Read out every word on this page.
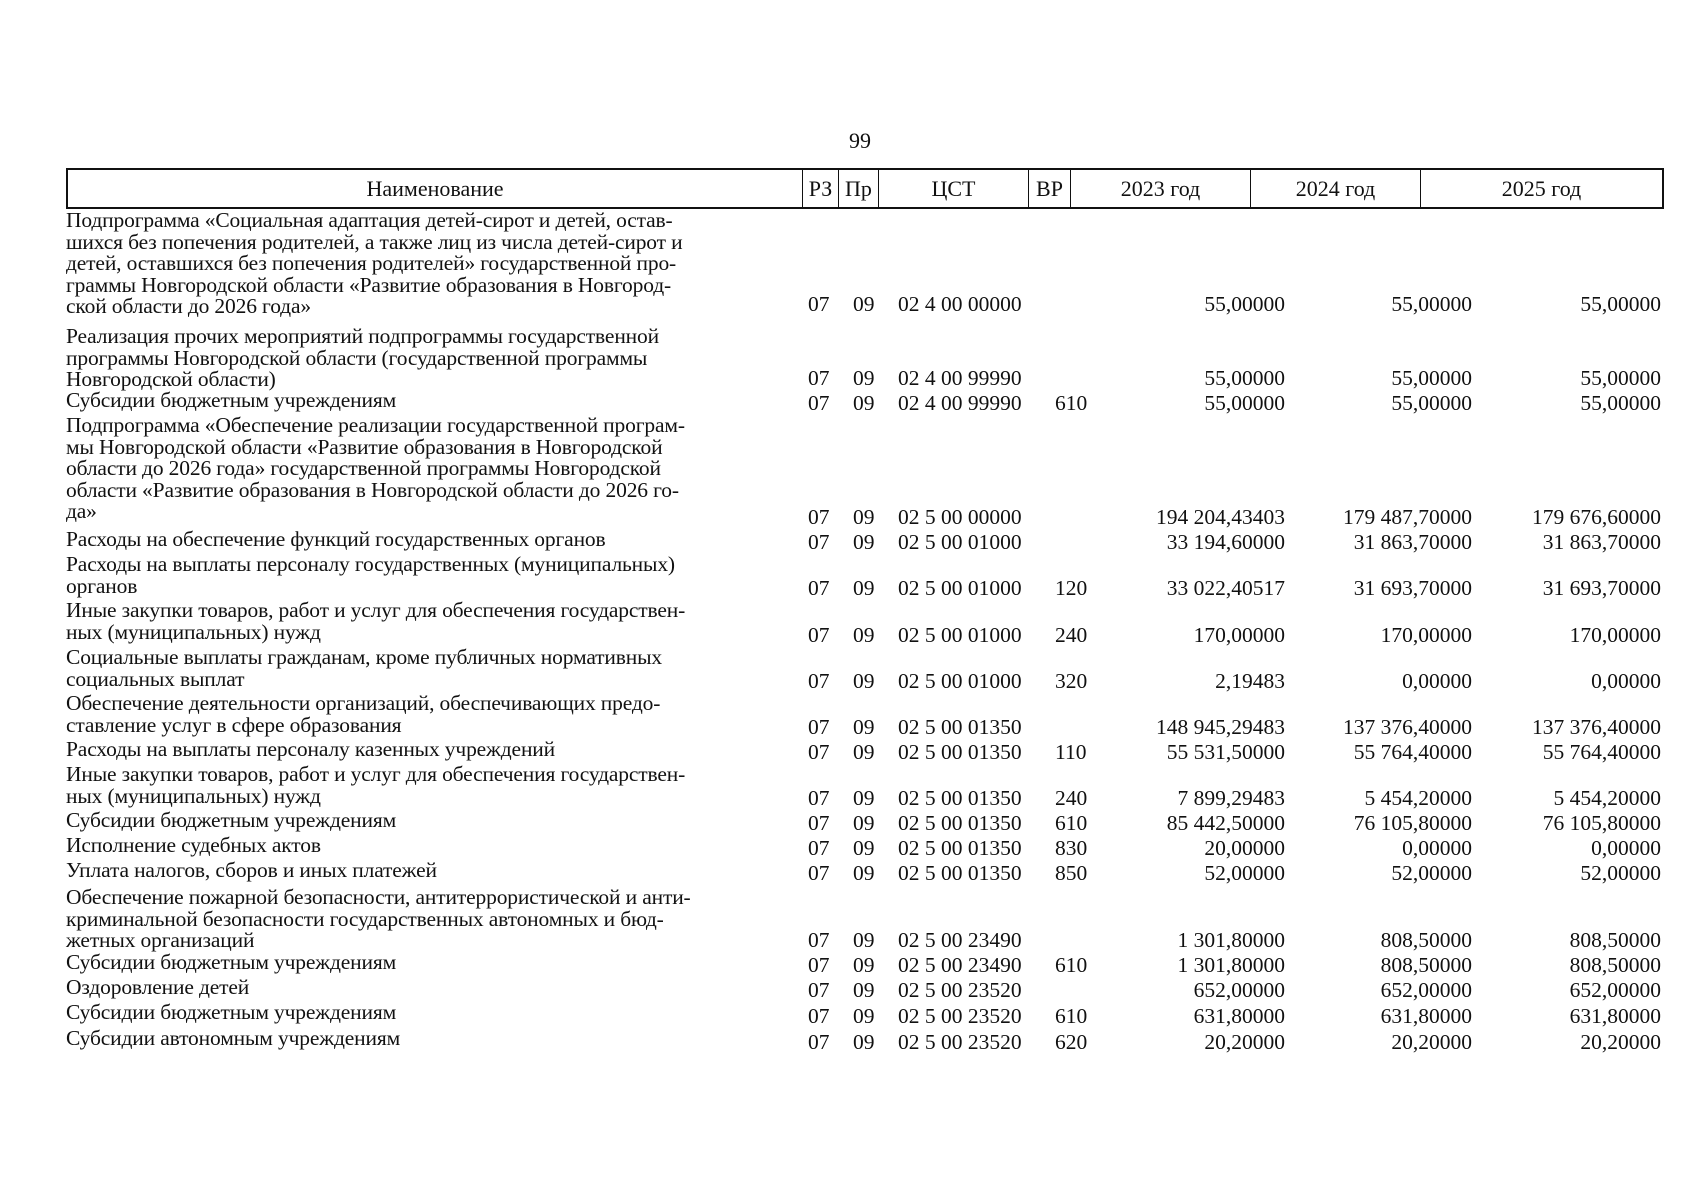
99
Наименование	РЗ Пр	ЦСТ	ВР	2023 год	2024 год	2025 год
Подпрограмма «Социальная адаптация детей-сирот и детей, остав-
шихся без попечения родителей, а также лиц из числа детей-сирот и
детей, оставшихся без попечения родителей» государственной про-
граммы Новгородской области «Развитие образования в Новгород-
ской области до 2026 года»	07 09 02 4 00 00000	55,00000	55,00000	55,00000
Реализация прочих мероприятий подпрограммы государственной
программы Новгородской области (государственной программы
Новгородской области)	07 09 02 4 00 99990	55,00000	55,00000	55,00000
Субсидии бюджетным учреждениям	07 09 02 4 00 99990 610	55,00000	55,00000	55,00000
Подпрограмма «Обеспечение реализации государственной програм-
мы Новгородской области «Развитие образования в Новгородской
области до 2026 года» государственной программы Новгородской
области «Развитие образования в Новгородской области до 2026 го-
да»	07 09 02 5 00 00000	194 204,43403	179 487,70000	179 676,60000
Расходы на обеспечение функций государственных органов	07 09 02 5 00 01000	33 194,60000	31 863,70000	31 863,70000
Расходы на выплаты персоналу государственных (муниципальных)
органов	07 09 02 5 00 01000 120	33 022,40517	31 693,70000	31 693,70000
Иные закупки товаров, работ и услуг для обеспечения государствен-
ных (муниципальных) нужд	07 09 02 5 00 01000 240	170,00000	170,00000	170,00000
Социальные выплаты гражданам, кроме публичных нормативных
социальных выплат	07 09 02 5 00 01000 320	2,19483	0,00000	0,00000
Обеспечение деятельности организаций, обеспечивающих предо-
ставление услуг в сфере образования	07 09 02 5 00 01350	148 945,29483	137 376,40000	137 376,40000
Расходы на выплаты персоналу казенных учреждений	07 09 02 5 00 01350 110	55 531,50000	55 764,40000	55 764,40000
Иные закупки товаров, работ и услуг для обеспечения государствен-
ных (муниципальных) нужд	07 09 02 5 00 01350 240	7 899,29483	5 454,20000	5 454,20000
Субсидии бюджетным учреждениям	07 09 02 5 00 01350 610	85 442,50000	76 105,80000	76 105,80000
Исполнение судебных актов	07 09 02 5 00 01350 830	20,00000	0,00000	0,00000
Уплата налогов, сборов и иных платежей	07 09 02 5 00 01350 850	52,00000	52,00000	52,00000
Обеспечение пожарной безопасности, антитеррористической и анти-
криминальной безопасности государственных автономных и бюд-
жетных организаций	07 09 02 5 00 23490	1 301,80000	808,50000	808,50000
Субсидии бюджетным учреждениям	07 09 02 5 00 23490 610	1 301,80000	808,50000	808,50000
Оздоровление детей	07 09 02 5 00 23520	652,00000	652,00000	652,00000
Субсидии бюджетным учреждениям	07 09 02 5 00 23520 610	631,80000	631,80000	631,80000
Субсидии автономным учреждениям	07 09 02 5 00 23520 620	20,20000	20,20000	20,20000
